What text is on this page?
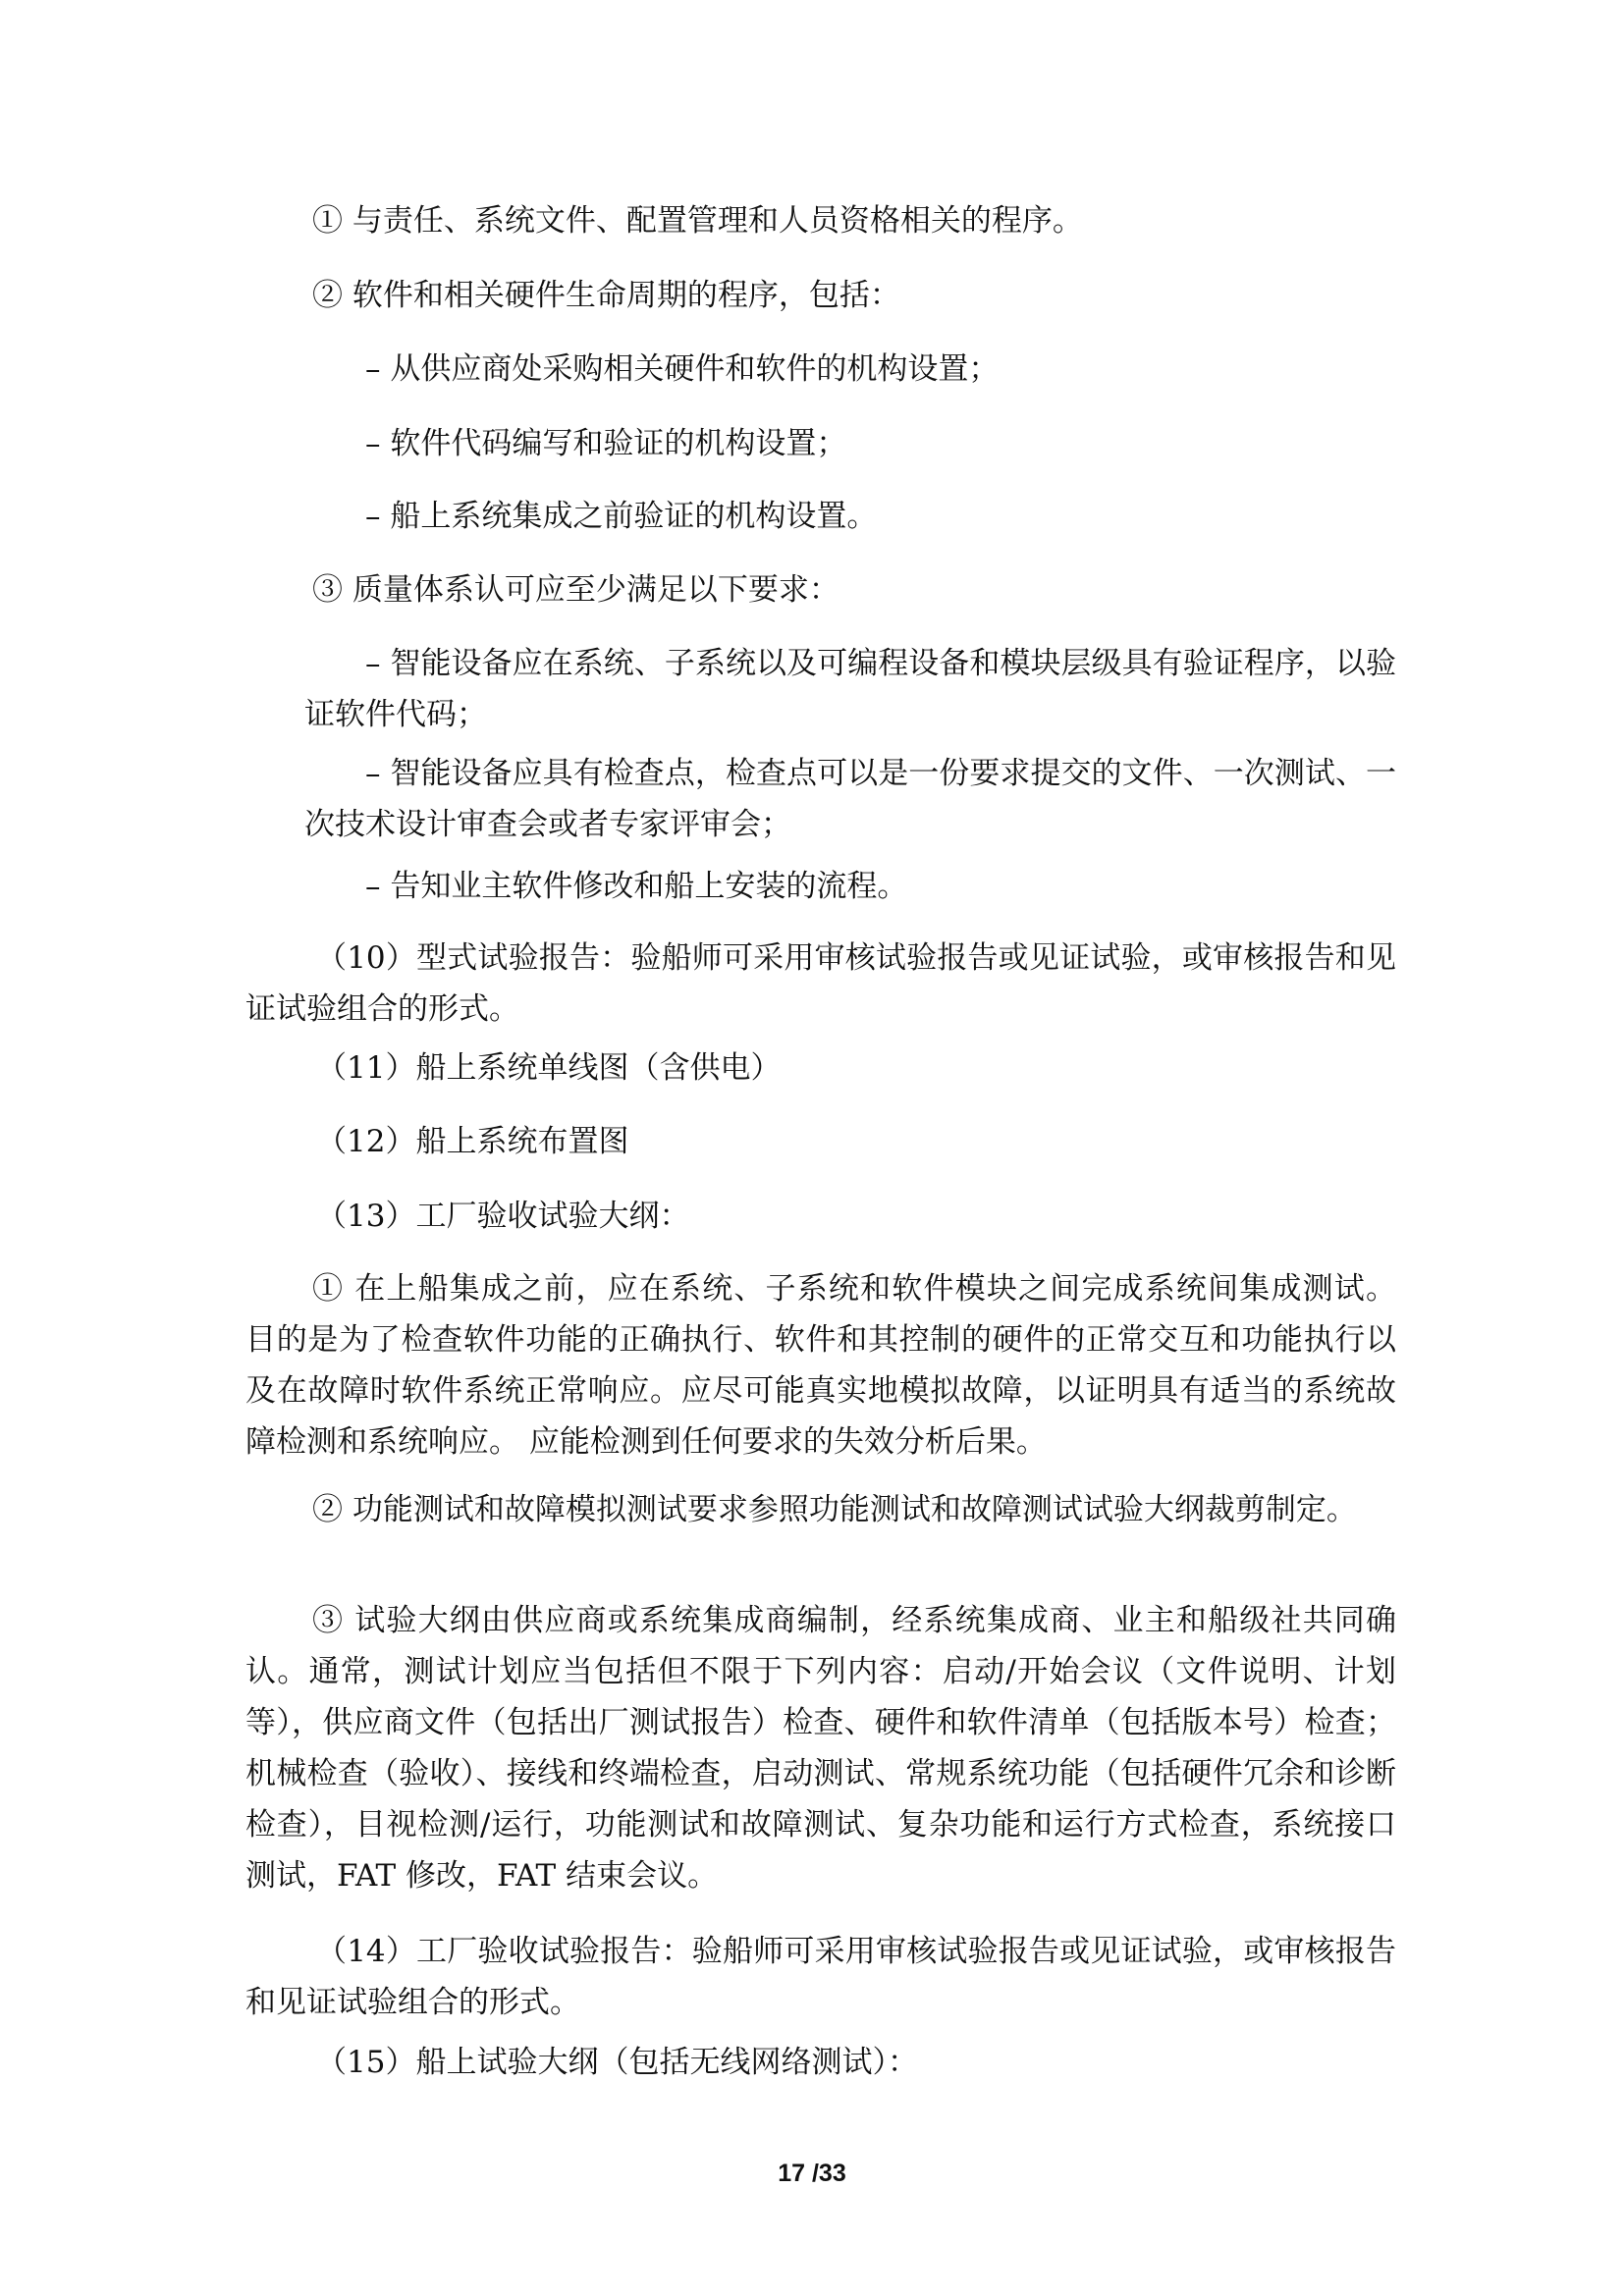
① 与责任、系统文件、配置管理和人员资格相关的程序。

② 软件和相关硬件生命周期的程序，包括：

– 从供应商处采购相关硬件和软件的机构设置；

– 软件代码编写和验证的机构设置；

– 船上系统集成之前验证的机构设置。

③ 质量体系认可应至少满足以下要求：

– 智能设备应在系统、子系统以及可编程设备和模块层级具有验证程序，以验证软件代码；

– 智能设备应具有检查点，检查点可以是一份要求提交的文件、一次测试、一次技术设计审查会或者专家评审会；

– 告知业主软件修改和船上安装的流程。

（10）型式试验报告：验船师可采用审核试验报告或见证试验，或审核报告和见证试验组合的形式。

（11）船上系统单线图（含供电）

（12）船上系统布置图

（13）工厂验收试验大纲：

① 在上船集成之前，应在系统、子系统和软件模块之间完成系统间集成测试。 目的是为了检查软件功能的正确执行、软件和其控制的硬件的正常交互和功能执行以及在故障时软件系统正常响应。应尽可能真实地模拟故障，以证明具有适当的系统故障检测和系统响应。 应能检测到任何要求的失效分析后果。

② 功能测试和故障模拟测试要求参照功能测试和故障测试试验大纲裁剪制定。

③ 试验大纲由供应商或系统集成商编制，经系统集成商、业主和船级社共同确认。通常，测试计划应当包括但不限于下列内容：启动/开始会议（文件说明、计划等），供应商文件（包括出厂测试报告）检查、硬件和软件清单（包括版本号）检查；机械检查（验收）、接线和终端检查，启动测试、常规系统功能（包括硬件冗余和诊断检查），目视检测/运行，功能测试和故障测试、复杂功能和运行方式检查，系统接口测试，FAT 修改，FAT 结束会议。

（14）工厂验收试验报告：验船师可采用审核试验报告或见证试验，或审核报告和见证试验组合的形式。

（15）船上试验大纲（包括无线网络测试）：

17 /33
